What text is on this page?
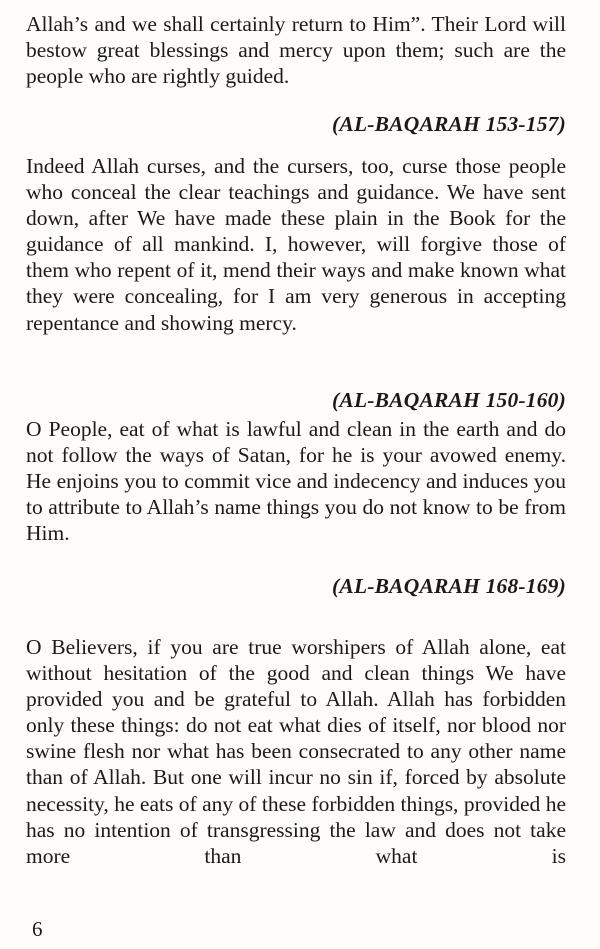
Allah’s and we shall certainly return to Him”. Their Lord will bestow great blessings and mercy upon them; such are the people who are rightly guided.

(AL-BAQARAH 153-157)

Indeed Allah curses, and the cursers, too, curse those people who conceal the clear teachings and guidance. We have sent down, after We have made these plain in the Book for the guidance of all mankind. I, however, will forgive those of them who repent of it, mend their ways and make known what they were concealing, for I am very generous in accepting repentance and showing mercy.

(AL-BAQARAH 150-160)

O People, eat of what is lawful and clean in the earth and do not follow the ways of Satan, for he is your avowed enemy. He enjoins you to commit vice and indecency and induces you to attribute to Allah’s name things you do not know to be from Him.

(AL-BAQARAH 168-169)

O Believers, if you are true worshipers of Allah alone, eat without hesitation of the good and clean things We have provided you and be grateful to Allah. Allah has forbidden only these things: do not eat what dies of itself, nor blood nor swine flesh nor what has been consecrated to any other name than of Allah. But one will incur no sin if, forced by absolute necessity, he eats of any of these forbidden things, provided he has no intention of transgressing the law and does not take more than what is

6
